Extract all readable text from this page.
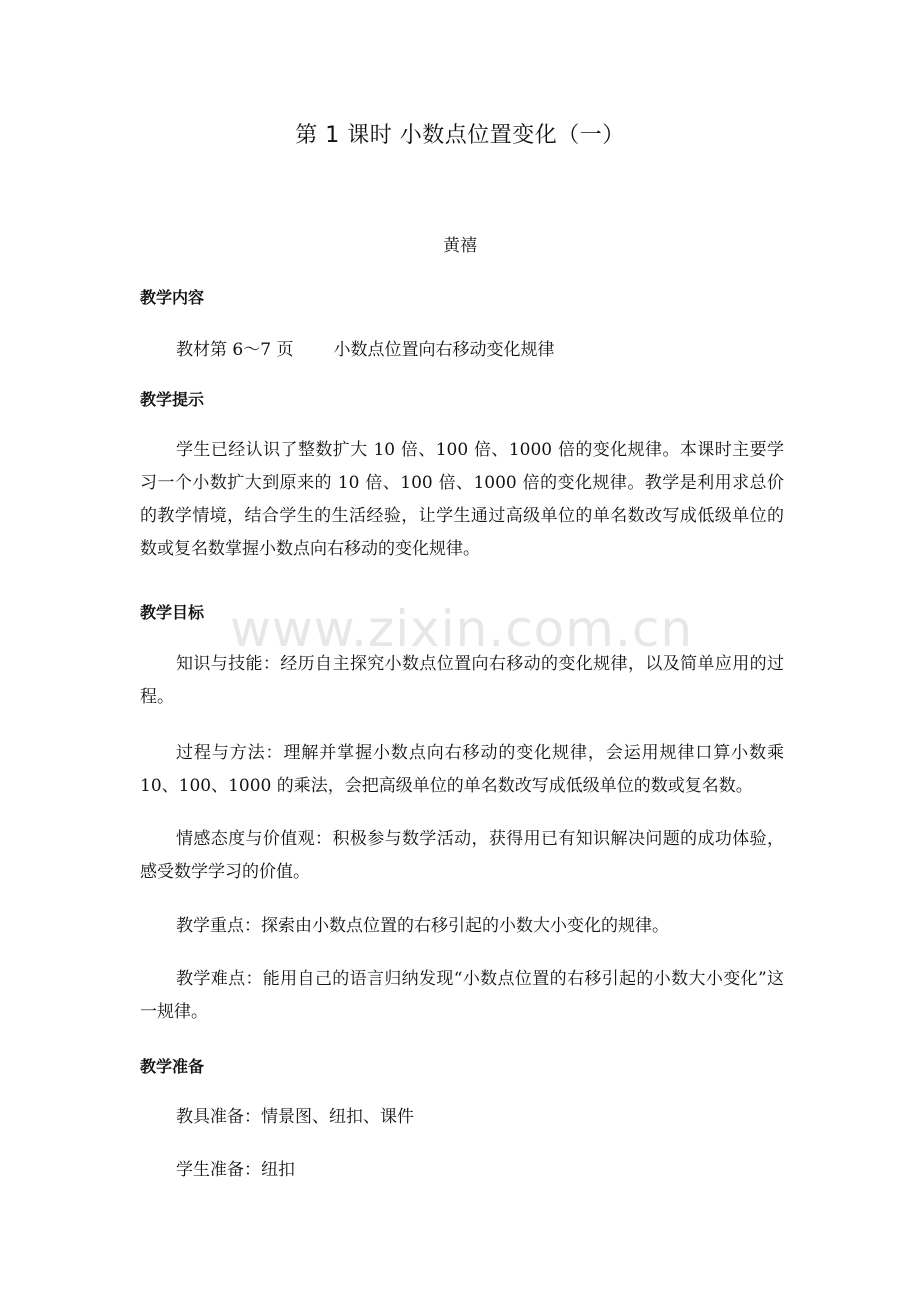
第 1 课时 小数点位置变化（一）
黄禧
教学内容
教材第 6～7 页 小数点位置向右移动变化规律
教学提示

学生已经认识了整数扩大 10 倍、100 倍、1000 倍的变化规律。本课时主要学习一个小数扩大到原来的 10 倍、100 倍、1000 倍的变化规律。教学是利用求总价的教学情境，结合学生的生活经验，让学生通过高级单位的单名数改写成低级单位的数或复名数掌握小数点向右移动的变化规律。

教学目标

知识与技能：经历自主探究小数点位置向右移动的变化规律，以及简单应用的过程。

过程与方法：理解并掌握小数点向右移动的变化规律，会运用规律口算小数乘 10、100、1000 的乘法，会把高级单位的单名数改写成低级单位的数或复名数。

情感态度与价值观：积极参与数学活动，获得用已有知识解决问题的成功体验，感受数学学习的价值。

教学重点：探索由小数点位置的右移引起的小数大小变化的规律。

教学难点：能用自己的语言归纳发现“小数点位置的右移引起的小数大小变化”这一规律。

教学准备

教具准备：情景图、纽扣、课件

学生准备：纽扣

www.zixin.com.cn
